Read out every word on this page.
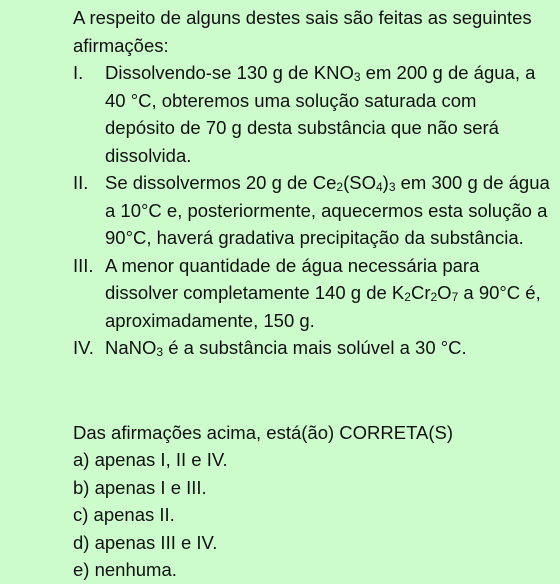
A respeito de alguns destes sais são feitas as seguintes afirmações:
I. Dissolvendo-se 130 g de KNO3 em 200 g de água, a 40 °C, obteremos uma solução saturada com depósito de 70 g desta substância que não será dissolvida.
II. Se dissolvermos 20 g de Ce2(SO4)3 em 300 g de água a 10°C e, posteriormente, aquecermos esta solução a 90°C, haverá gradativa precipitação da substância.
III. A menor quantidade de água necessária para dissolver completamente 140 g de K2Cr2O7 a 90°C é, aproximadamente, 150 g.
IV. NaNO3 é a substância mais solúvel a 30 °C.
Das afirmações acima, está(ão) CORRETA(S)
a) apenas I, II e IV.
b) apenas I e III.
c) apenas II.
d) apenas III e IV.
e) nenhuma.
